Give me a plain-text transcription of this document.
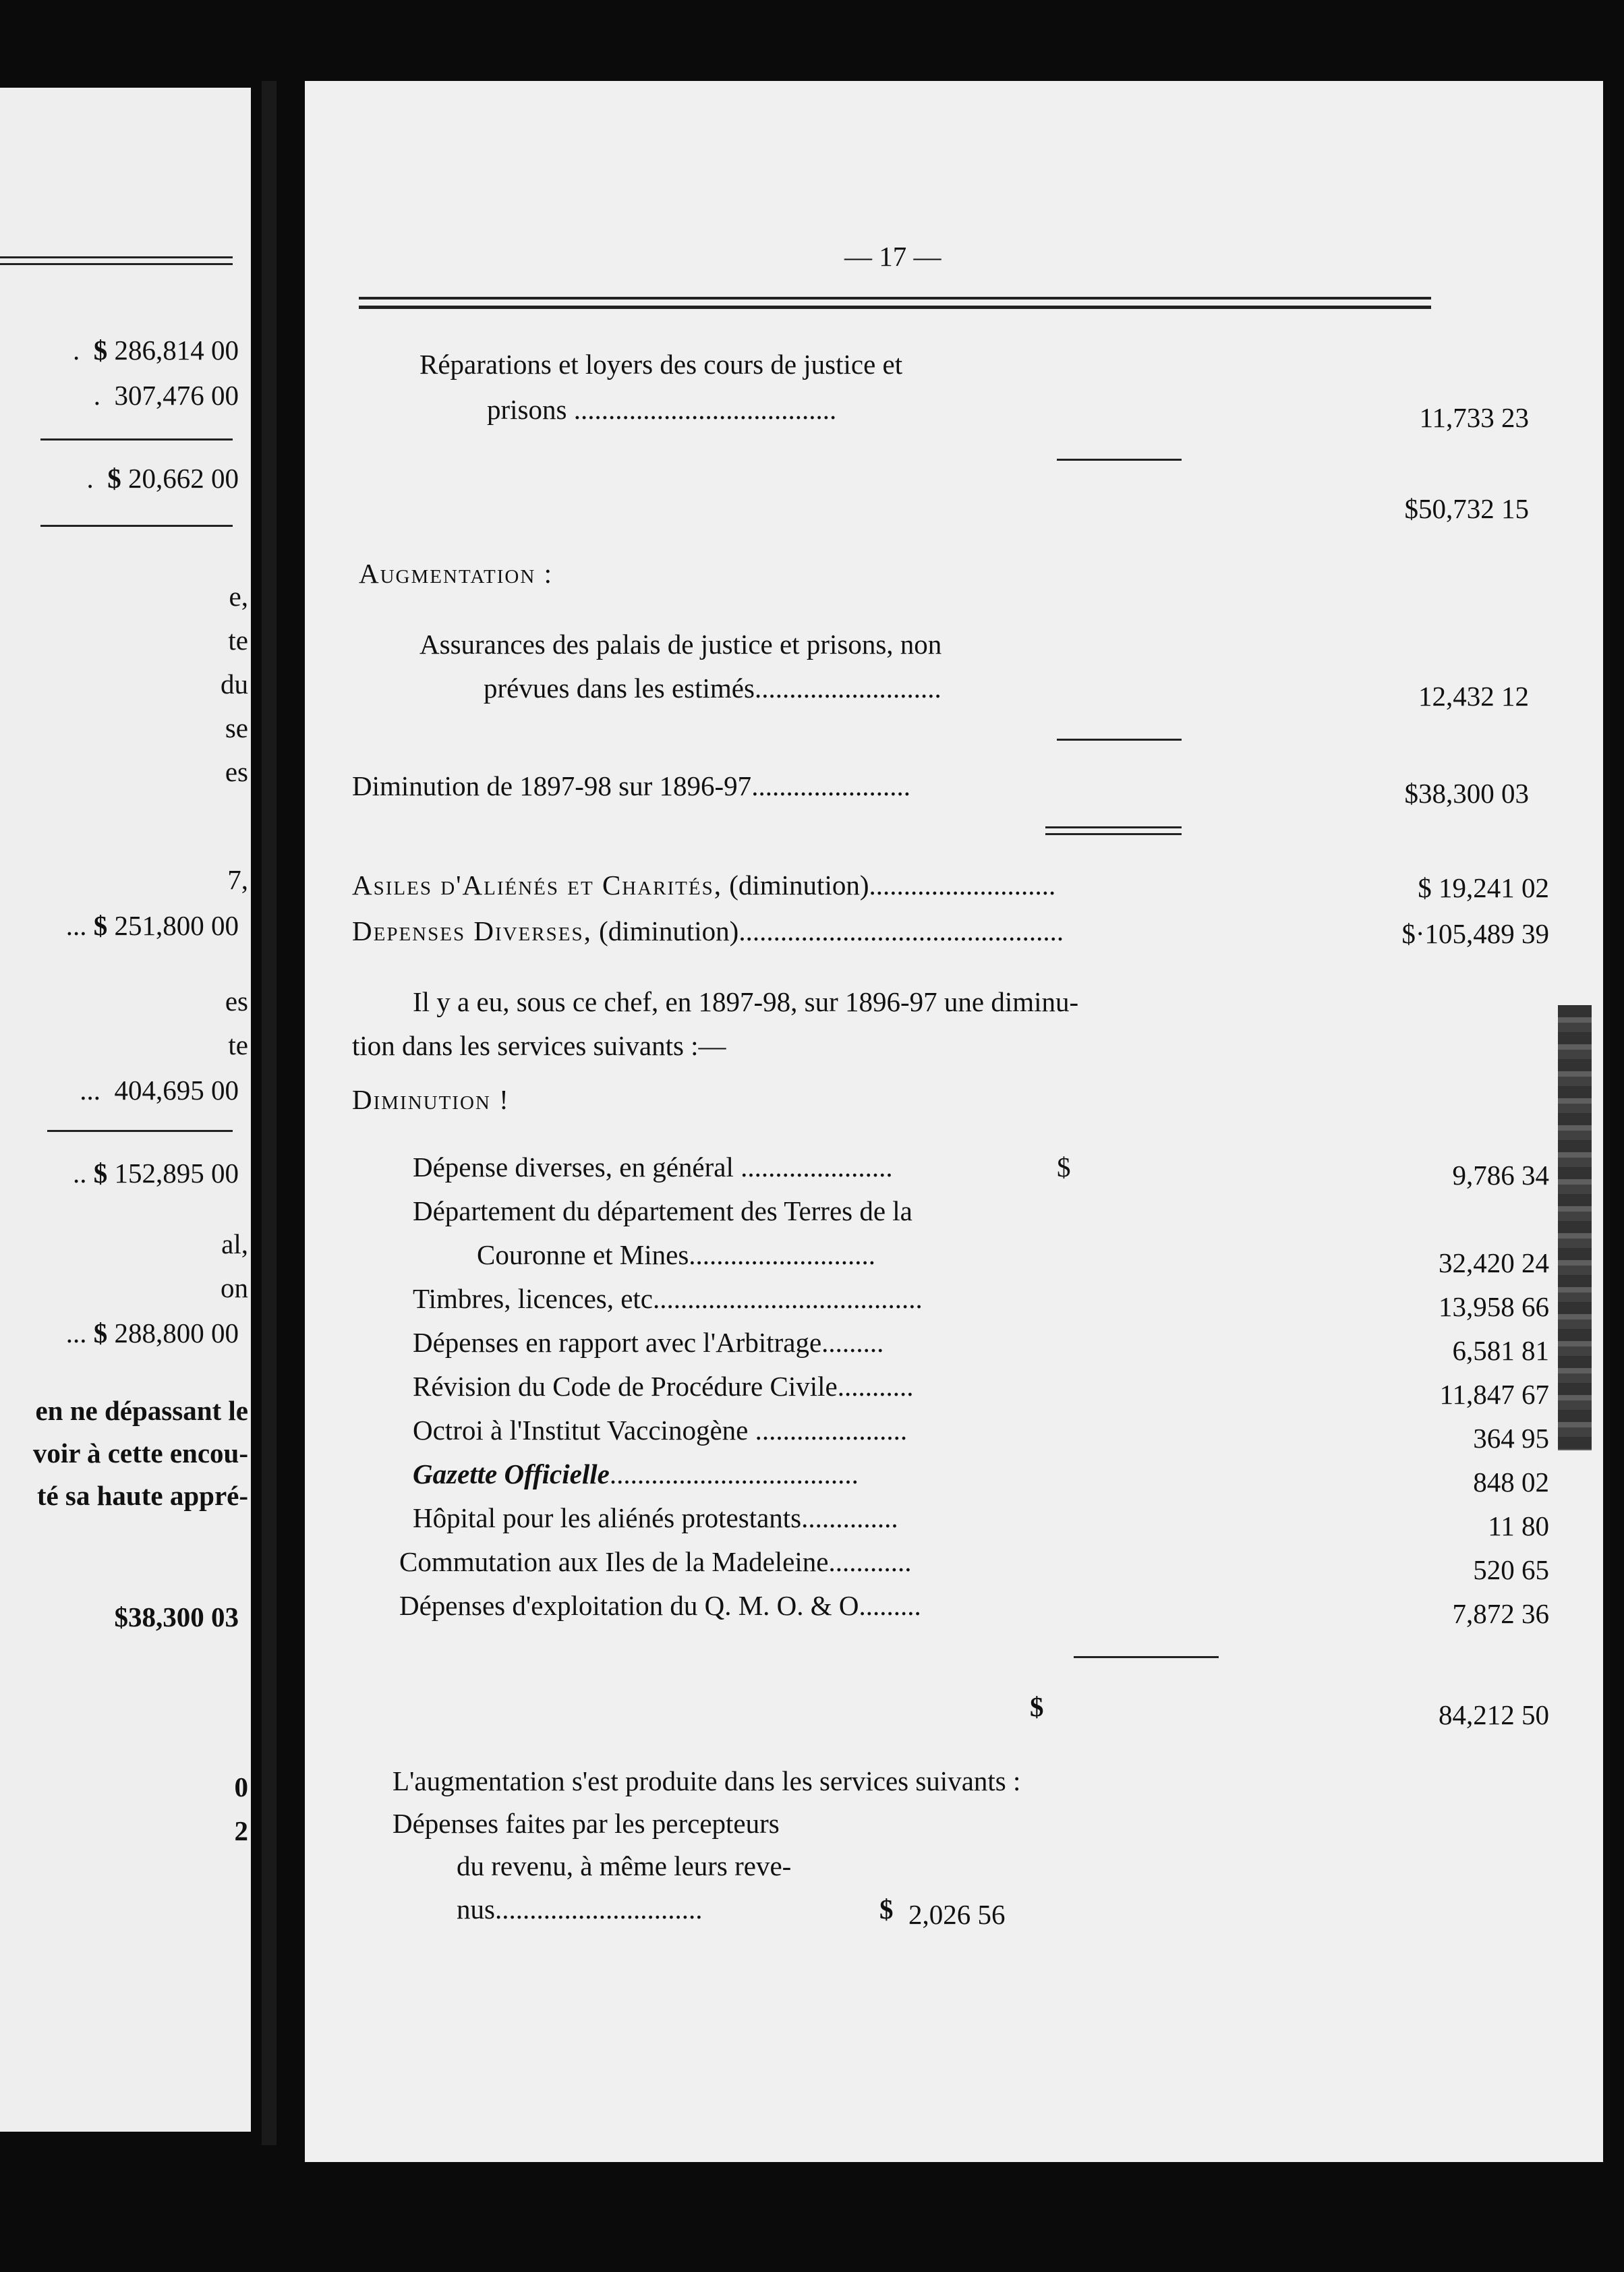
. $ 286,814 00
. 307,476 00
. $ 20,662 00
e,
te
du
se
es
7,
... $ 251,800 00
es
te
... 404,695 00
.. $ 152,895 00
al,
on
... $ 288,800 00
en ne dépassant le
voir à cette encou-
té sa haute appré-
$38,300 03
0
2
— 17 —
Réparations et loyers des cours de justice et
prisons ......................................	11,733 23
$50,732 15
Augmentation :
Assurances des palais de justice et prisons, non
prévues dans les estimés...........................	12,432 12
Diminution de 1897-98 sur 1896-97.......................	$38,300 03
Asiles d'Aliénés et Charités, (diminution)...........................	$ 19,241 02
Depenses Diverses, (diminution)...............................................	$·105,489 39
Il y a eu, sous ce chef, en 1897-98, sur 1896-97 une diminu-
tion dans les services suivants :—
Diminution !
Dépense diverses, en général ......................	$	9,786 34
Département du département des Terres de la
Couronne et Mines...........................	32,420 24
Timbres, licences, etc.......................................	13,958 66
Dépenses en rapport avec l'Arbitrage.........	6,581 81
Révision du Code de Procédure Civile...........	11,847 67
Octroi à l'Institut Vaccinogène ......................	364 95
Gazette Officielle....................................	848 02
Hôpital pour les aliénés protestants..............	11 80
Commutation aux Iles de la Madeleine............	520 65
Dépenses d'exploitation du Q. M. O. & O.........	7,872 36
$	84,212 50
L'augmentation s'est produite dans les services suivants :
Dépenses faites par les percepteurs
du revenu, à même leurs reve-
nus..............................	$ 2,026 56
